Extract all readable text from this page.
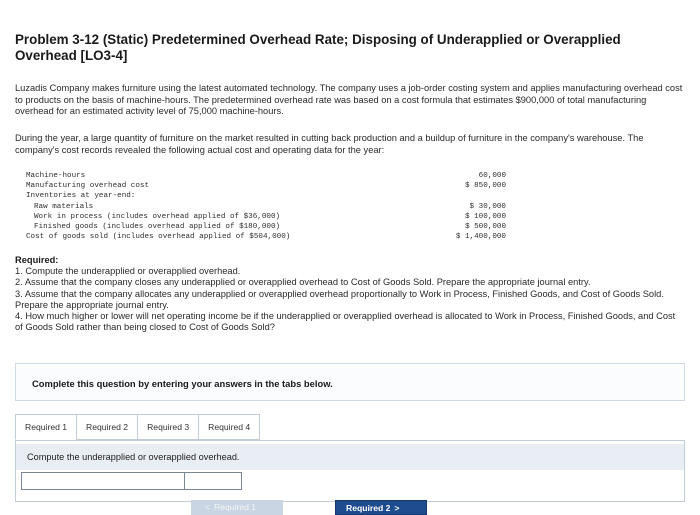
Problem 3-12 (Static) Predetermined Overhead Rate; Disposing of Underapplied or Overapplied Overhead [LO3-4]
Luzadis Company makes furniture using the latest automated technology. The company uses a job-order costing system and applies manufacturing overhead cost to products on the basis of machine-hours. The predetermined overhead rate was based on a cost formula that estimates $900,000 of total manufacturing overhead for an estimated activity level of 75,000 machine-hours.
During the year, a large quantity of furniture on the market resulted in cutting back production and a buildup of furniture in the company's warehouse. The company's cost records revealed the following actual cost and operating data for the year:
Machine-hours	60,000
Manufacturing overhead cost	$ 850,000
Inventories at year-end:
Raw materials	$ 30,000
Work in process (includes overhead applied of $36,000)	$ 100,000
Finished goods (includes overhead applied of $180,000)	$ 500,000
Cost of goods sold (includes overhead applied of $504,000)	$ 1,400,000
Required:
1. Compute the underapplied or overapplied overhead.
2. Assume that the company closes any underapplied or overapplied overhead to Cost of Goods Sold. Prepare the appropriate journal entry.
3. Assume that the company allocates any underapplied or overapplied overhead proportionally to Work in Process, Finished Goods, and Cost of Goods Sold. Prepare the appropriate journal entry.
4. How much higher or lower will net operating income be if the underapplied or overapplied overhead is allocated to Work in Process, Finished Goods, and Cost of Goods Sold rather than being closed to Cost of Goods Sold?
Complete this question by entering your answers in the tabs below.
Required 1	Required 2	Required 3	Required 4
Compute the underapplied or overapplied overhead.
< Required 1	Required 2 >
